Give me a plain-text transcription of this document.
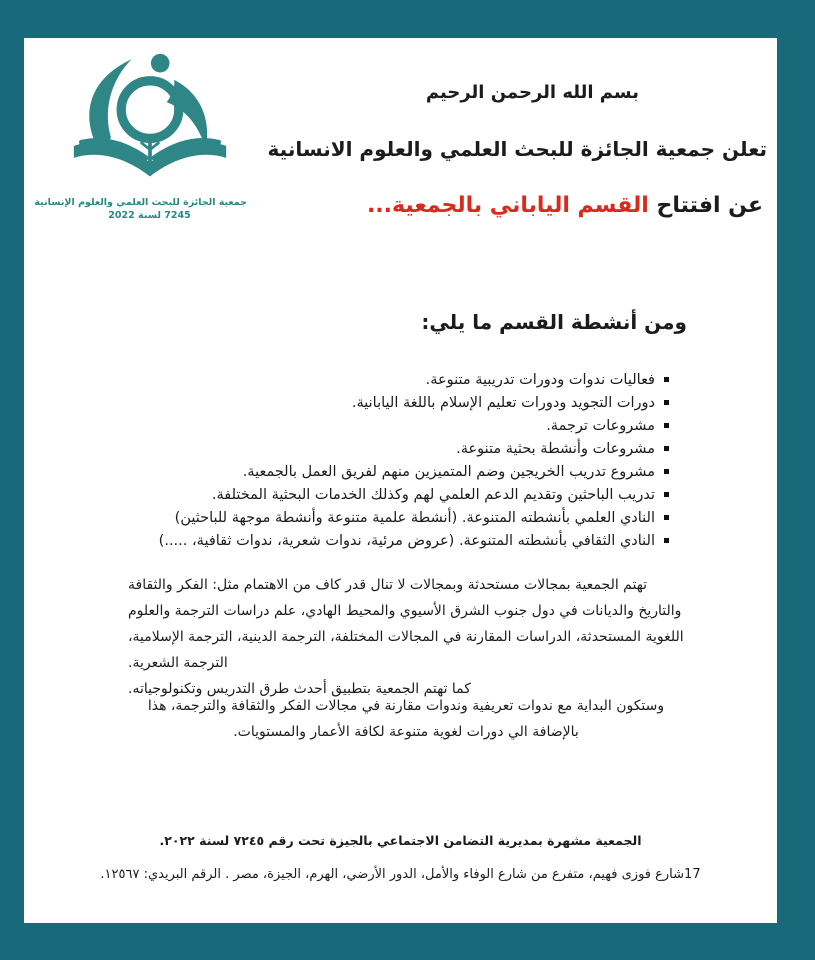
جمعية الجائزة للبحث العلمي والعلوم الإنسانية
7245 لسنة 2022
بسم الله الرحمن الرحيم
تعلن جمعية الجائزة للبحث العلمي والعلوم الانسانية
عن افتتاح القسم الياباني بالجمعية...
ومن أنشطة القسم ما يلي:
فعاليات ندوات ودورات تدريبية متنوعة.
دورات التجويد ودورات تعليم الإسلام باللغة اليابانية.
مشروعات ترجمة.
مشروعات وأنشطة بحثية متنوعة.
مشروع تدريب الخريجين وضم المتميزين منهم لفريق العمل بالجمعية.
تدريب الباحثين وتقديم الدعم العلمي لهم وكذلك الخدمات البحثية المختلفة.
النادي العلمي بأنشطته المتنوعة. (أنشطة علمية متنوعة وأنشطة موجهة للباحثين)
النادي الثقافي بأنشطته المتنوعة. (عروض مرئية، ندوات شعرية، ندوات ثقافية، .....)
تهتم الجمعية بمجالات مستحدثة وبمجالات لا تنال قدر كاف من الاهتمام مثل: الفكر والثقافة والتاريخ والديانات في دول جنوب الشرق الأسيوي والمحيط الهادي، علم دراسات الترجمة والعلوم اللغوية المستحدثة، الدراسات المقارنة في المجالات المختلفة، الترجمة الدينية، الترجمة الإسلامية، الترجمة الشعرية.
كما تهتم الجمعية بتطبيق أحدث طرق التدريس وتكنولوجياته.
وستكون البداية مع ندوات تعريفية وندوات مقارنة في مجالات الفكر والثقافة والترجمة، هذا بالإضافة الي دورات لغوية متنوعة لكافة الأعمار والمستويات.
الجمعية مشهرة بمديرية التضامن الاجتماعي بالجيزة تحت رقم ٧٢٤٥ لسنة ٢٠٢٢.
17شارع فوزى فهيم، متفرع من شارع الوفاء والأمل، الدور الأرضي، الهرم، الجيزة، مصر . الرقم البريدي: ١٢٥٦٧.
